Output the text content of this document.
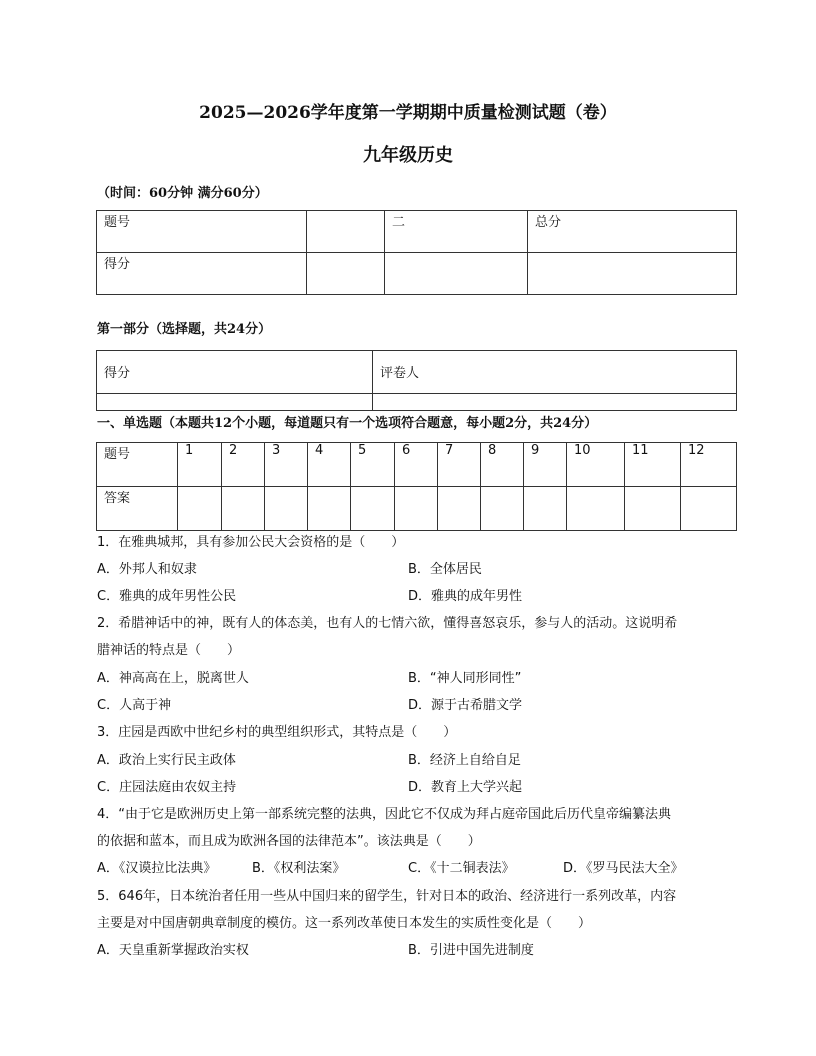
2025—2026学年度第一学期期中质量检测试题（卷）
九年级历史
（时间：60分钟 满分60分）
题号		二	总分
得分			
第一部分（选择题，共24分）
得分	评卷人

一、单选题（本题共12个小题，每道题只有一个选项符合题意，每小题2分，共24分）
题号	1	2	3	4	5	6	7	8	9	10	11	12
答案												
1．在雅典城邦，具有参加公民大会资格的是（　　）
A．外邦人和奴隶	B．全体居民
C．雅典的成年男性公民	D．雅典的成年男性
2．希腊神话中的神，既有人的体态美，也有人的七情六欲，懂得喜怒哀乐，参与人的活动。这说明希
腊神话的特点是（　　）
A．神高高在上，脱离世人	B．“神人同形同性”
C．人高于神	D．源于古希腊文学
3．庄园是西欧中世纪乡村的典型组织形式，其特点是（　　）
A．政治上实行民主政体	B．经济上自给自足
C．庄园法庭由农奴主持	D．教育上大学兴起
4．“由于它是欧洲历史上第一部系统完整的法典，因此它不仅成为拜占庭帝国此后历代皇帝编纂法典
的依据和蓝本，而且成为欧洲各国的法律范本”。该法典是（　　）
A．《汉谟拉比法典》	B．《权利法案》	C．《十二铜表法》	D．《罗马民法大全》
5．646年，日本统治者任用一些从中国归来的留学生，针对日本的政治、经济进行一系列改革，内容
主要是对中国唐朝典章制度的模仿。这一系列改革使日本发生的实质性变化是（　　）
A．天皇重新掌握政治实权	B．引进中国先进制度
